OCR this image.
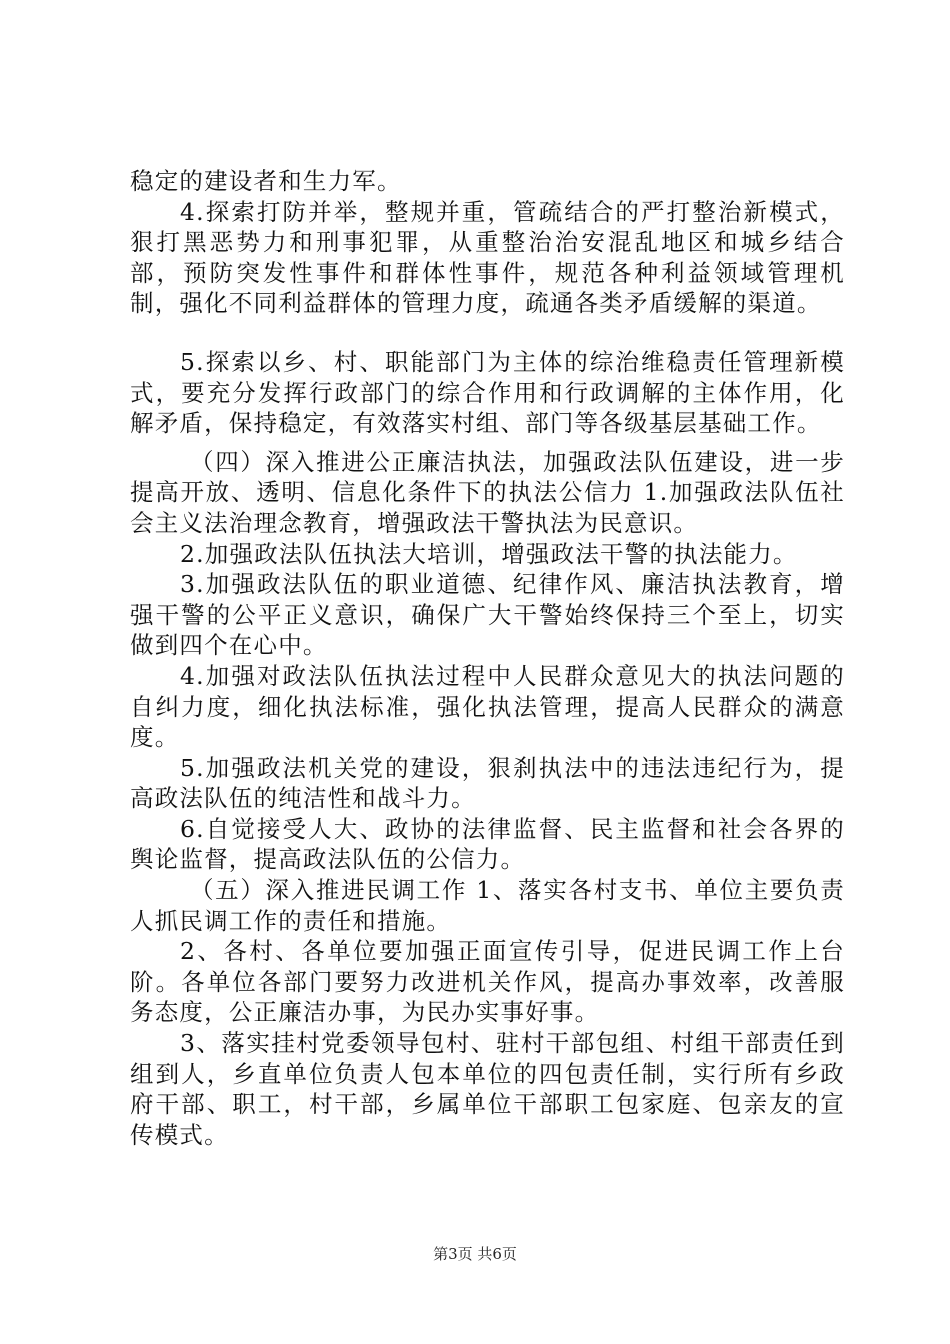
稳定的建设者和生力军。

4.探索打防并举，整规并重，管疏结合的严打整治新模式，狠打黑恶势力和刑事犯罪，从重整治治安混乱地区和城乡结合部，预防突发性事件和群体性事件，规范各种利益领域管理机制，强化不同利益群体的管理力度，疏通各类矛盾缓解的渠道。

5.探索以乡、村、职能部门为主体的综治维稳责任管理新模式，要充分发挥行政部门的综合作用和行政调解的主体作用，化解矛盾，保持稳定，有效落实村组、部门等各级基层基础工作。

（四）深入推进公正廉洁执法，加强政法队伍建设，进一步提高开放、透明、信息化条件下的执法公信力 1.加强政法队伍社会主义法治理念教育，增强政法干警执法为民意识。

2.加强政法队伍执法大培训，增强政法干警的执法能力。

3.加强政法队伍的职业道德、纪律作风、廉洁执法教育，增强干警的公平正义意识，确保广大干警始终保持三个至上，切实做到四个在心中。

4.加强对政法队伍执法过程中人民群众意见大的执法问题的自纠力度，细化执法标准，强化执法管理，提高人民群众的满意度。

5.加强政法机关党的建设，狠刹执法中的违法违纪行为，提高政法队伍的纯洁性和战斗力。

6.自觉接受人大、政协的法律监督、民主监督和社会各界的舆论监督，提高政法队伍的公信力。

（五）深入推进民调工作 1、落实各村支书、单位主要负责人抓民调工作的责任和措施。

2、各村、各单位要加强正面宣传引导，促进民调工作上台阶。各单位各部门要努力改进机关作风，提高办事效率，改善服务态度，公正廉洁办事，为民办实事好事。

3、落实挂村党委领导包村、驻村干部包组、村组干部责任到组到人，乡直单位负责人包本单位的四包责任制，实行所有乡政府干部、职工，村干部，乡属单位干部职工包家庭、包亲友的宣传模式。

第3页 共6页
